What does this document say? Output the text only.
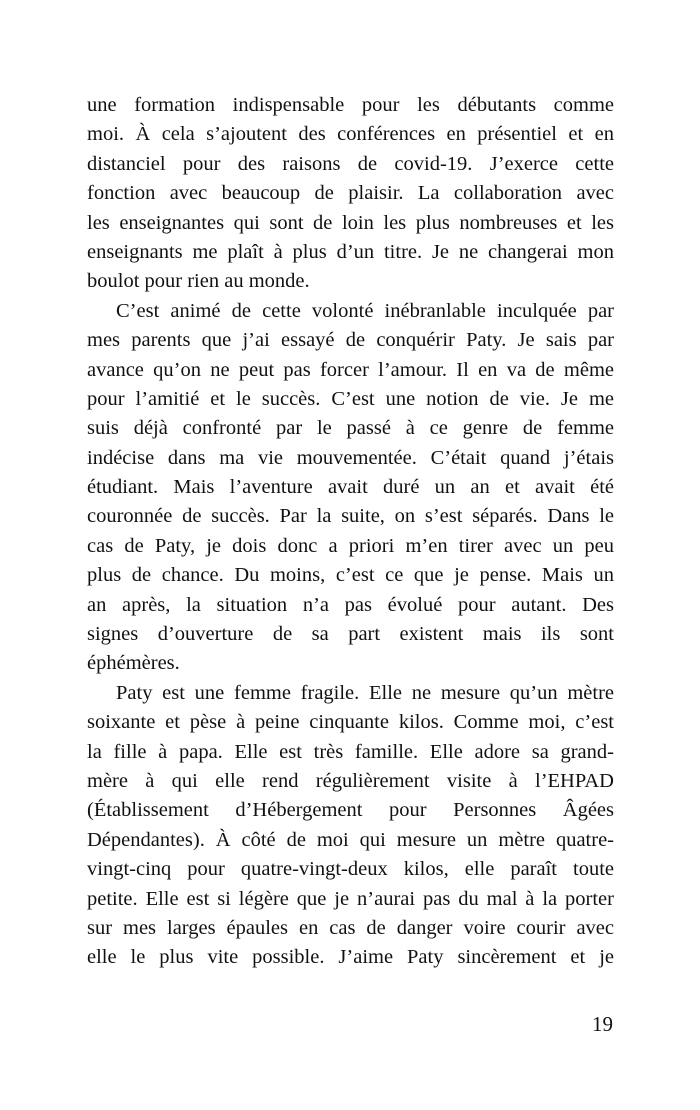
une formation indispensable pour les débutants comme
moi. À cela s’ajoutent des conférences en présentiel et en
distanciel pour des raisons de covid-19. J’exerce cette
fonction avec beaucoup de plaisir. La collaboration avec
les enseignantes qui sont de loin les plus nombreuses et les
enseignants me plaît à plus d’un titre. Je ne changerai mon
boulot pour rien au monde.
C’est animé de cette volonté inébranlable inculquée par
mes parents que j’ai essayé de conquérir Paty. Je sais par
avance qu’on ne peut pas forcer l’amour. Il en va de même
pour l’amitié et le succès. C’est une notion de vie. Je me
suis déjà confronté par le passé à ce genre de femme
indécise dans ma vie mouvementée. C’était quand j’étais
étudiant. Mais l’aventure avait duré un an et avait été
couronnée de succès. Par la suite, on s’est séparés. Dans le
cas de Paty, je dois donc a priori m’en tirer avec un peu
plus de chance. Du moins, c’est ce que je pense. Mais un
an après, la situation n’a pas évolué pour autant. Des
signes d’ouverture de sa part existent mais ils sont
éphémères.
Paty est une femme fragile. Elle ne mesure qu’un mètre
soixante et pèse à peine cinquante kilos. Comme moi, c’est
la fille à papa. Elle est très famille. Elle adore sa grand-
mère à qui elle rend régulièrement visite à l’EHPAD
(Établissement d’Hébergement pour Personnes Âgées
Dépendantes). À côté de moi qui mesure un mètre quatre-
vingt-cinq pour quatre-vingt-deux kilos, elle paraît toute
petite. Elle est si légère que je n’aurai pas du mal à la porter
sur mes larges épaules en cas de danger voire courir avec
elle le plus vite possible. J’aime Paty sincèrement et je
19
